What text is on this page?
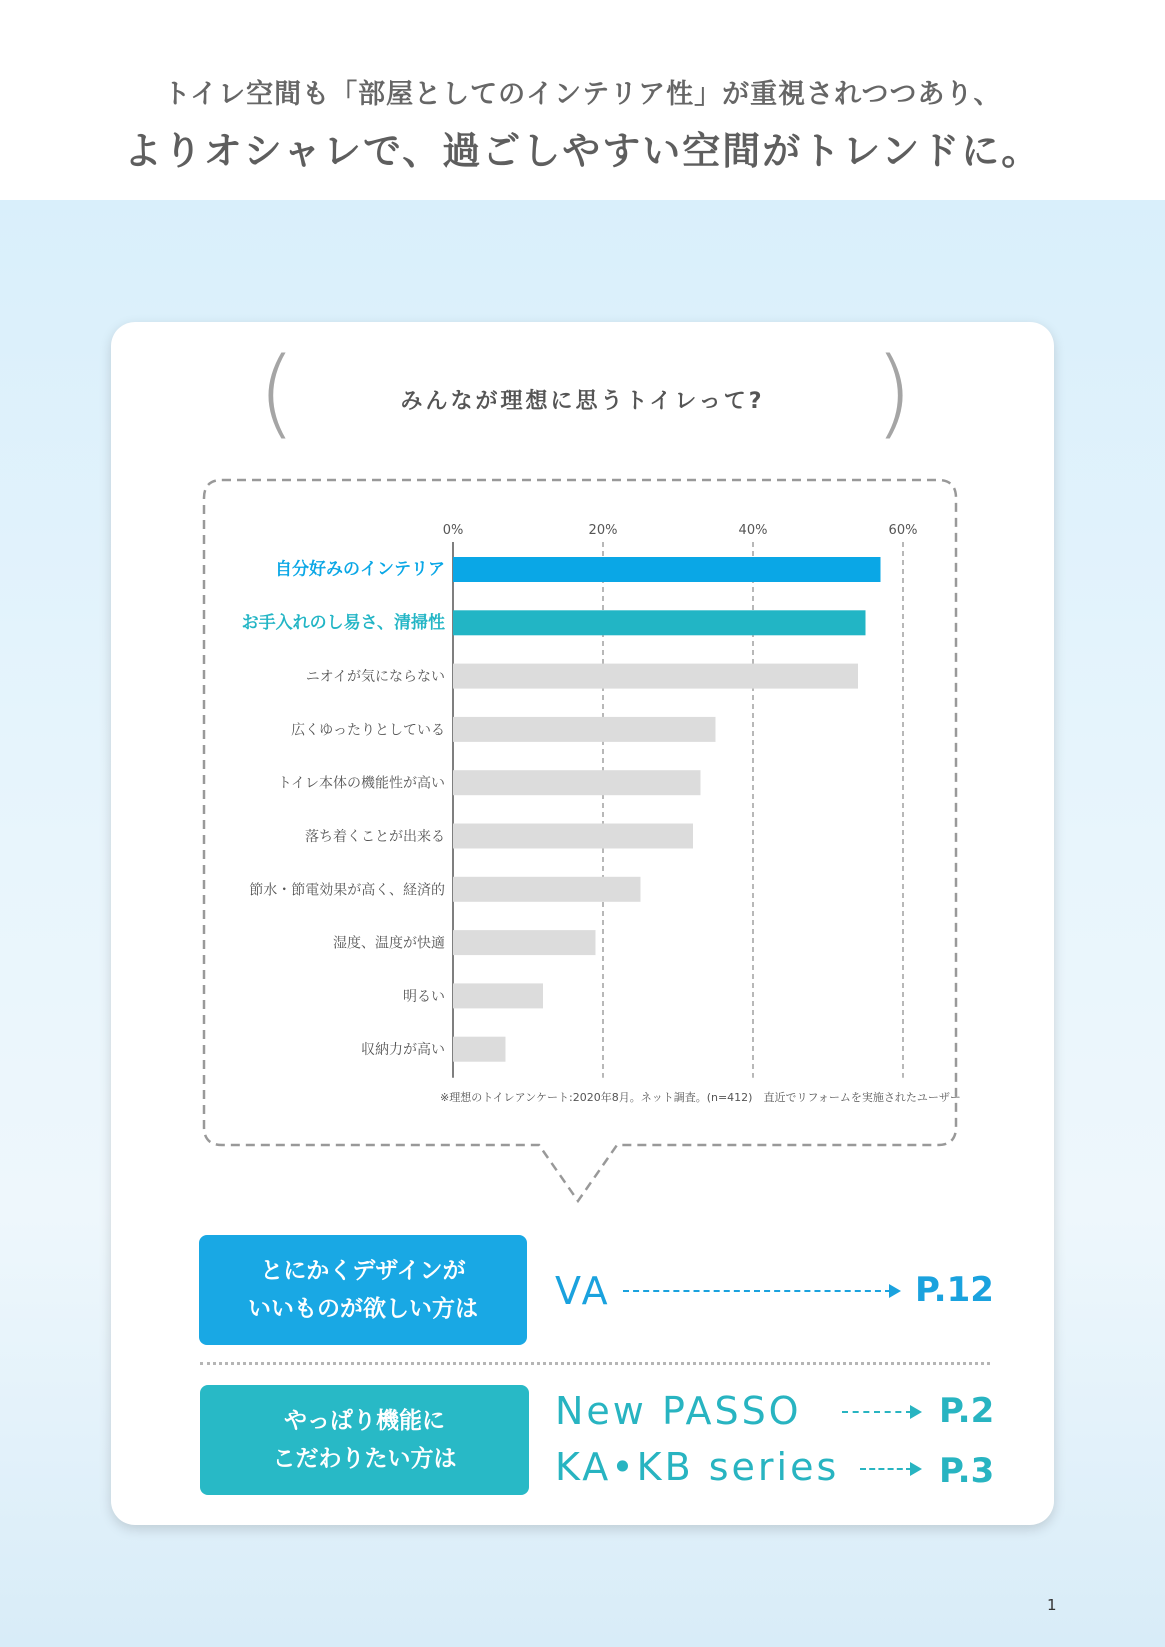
トイレ空間も「部屋としてのインテリア性」が重視されつつあり、
よりオシャレで、過ごしやすい空間がトレンドに。
(	)
みんなが理想に思うトイレって?
0%	20%	40%	60%
自分好みのインテリア
お手入れのし易さ、清掃性
ニオイが気にならない
広くゆったりとしている
トイレ本体の機能性が高い
落ち着くことが出来る
節水・節電効果が高く、経済的
湿度、温度が快適
明るい
収納力が高い
※理想のトイレアンケート:2020年8月。ネット調査。(n=412)　直近でリフォームを実施されたユーザー
とにかくデザインが
いいものが欲しい方は VA	P.12
やっぱり機能に
こだわりたい方は
New PASSO	P.2
KA•KB series	P.3
1
